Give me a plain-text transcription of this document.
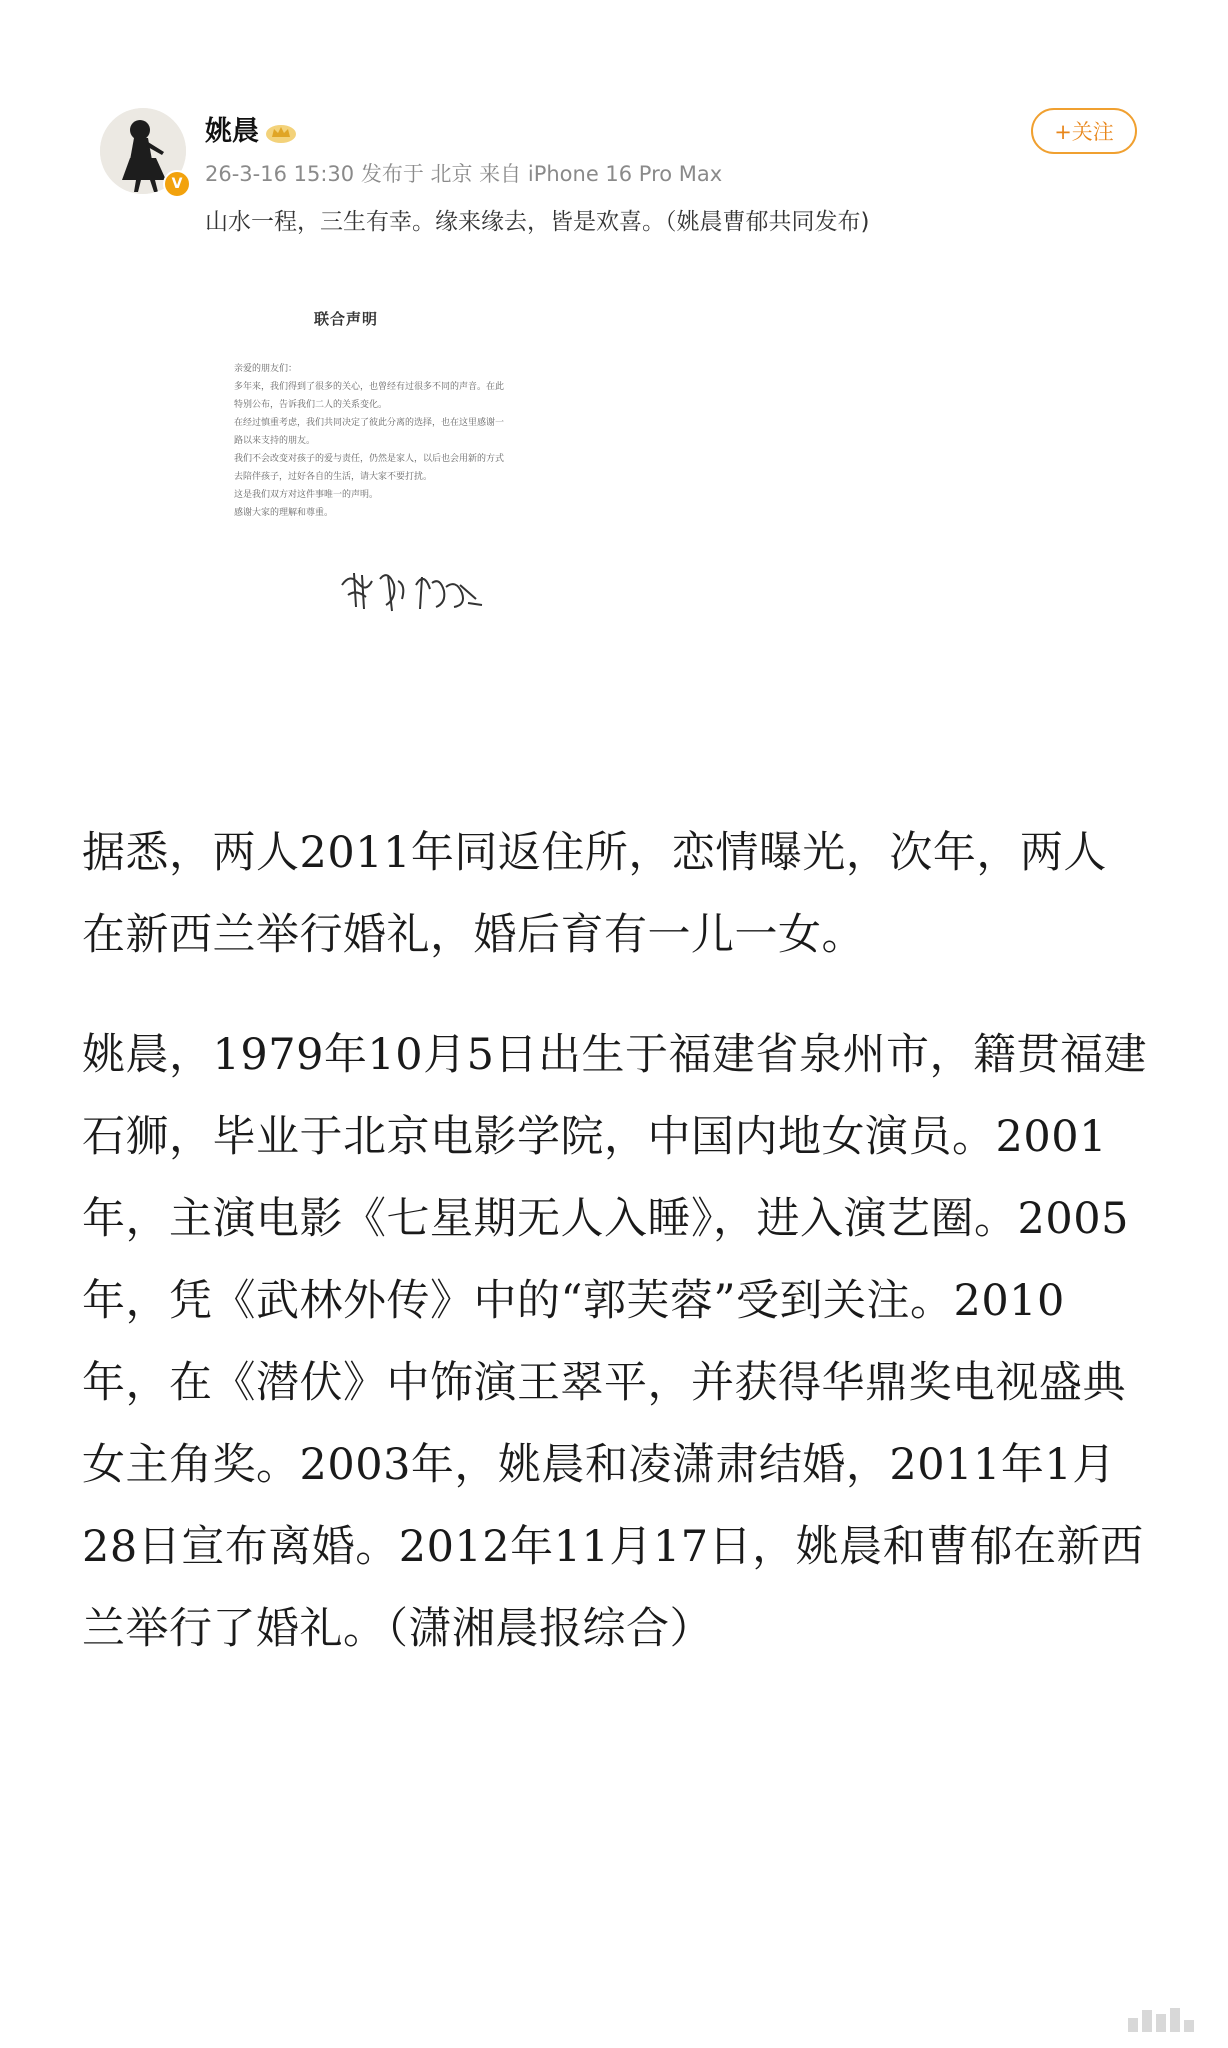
V
姚晨
26-3-16 15:30 发布于 北京 来自 iPhone 16 Pro Max
山水一程，三生有幸。缘来缘去，皆是欢喜。（姚晨曹郁共同发布)
+关注
联合声明
亲爱的朋友们：
多年来，我们得到了很多的关心，也曾经有过很多不同的声音。在此特别公布，告诉我们二人的关系变化。
在经过慎重考虑，我们共同决定了彼此分离的选择，也在这里感谢一路以来支持的朋友。
我们不会改变对孩子的爱与责任，仍然是家人，以后也会用新的方式去陪伴孩子，过好各自的生活，请大家不要打扰。
这是我们双方对这件事唯一的声明。
感谢大家的理解和尊重。

据悉，两人2011年同返住所，恋情曝光，次年，两人在新西兰举行婚礼，婚后育有一儿一女。

姚晨，1979年10月5日出生于福建省泉州市，籍贯福建石狮，毕业于北京电影学院，中国内地女演员。2001年，主演电影《七星期无人入睡》，进入演艺圈。2005年，凭《武林外传》中的“郭芙蓉”受到关注。2010年，在《潜伏》中饰演王翠平，并获得华鼎奖电视盛典女主角奖。2003年，姚晨和凌潇肃结婚，2011年1月28日宣布离婚。2012年11月17日，姚晨和曹郁在新西兰举行了婚礼。（潇湘晨报综合）
